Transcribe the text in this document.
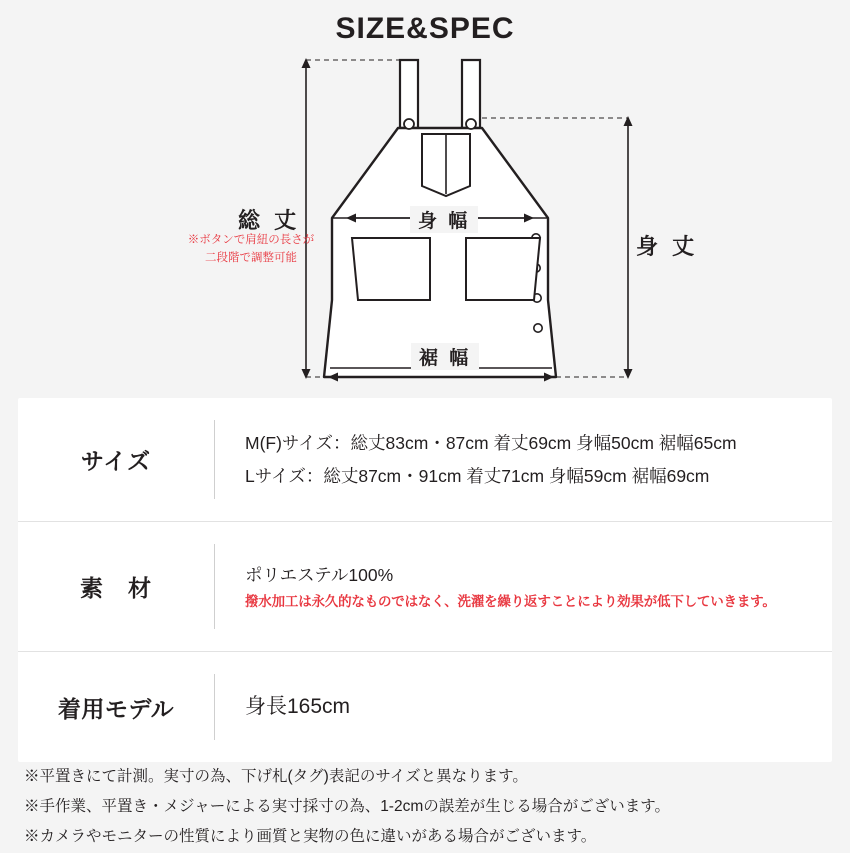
SIZE&SPEC
総 丈
※ボタンで肩紐の長さが
二段階で調整可能	身 丈
身 幅
裾 幅
サイズ
M(F)サイズ：総丈83cm・87cm 着丈69cm 身幅50cm 裾幅65cm
Lサイズ：総丈87cm・91cm 着丈71cm 身幅59cm 裾幅69cm
素　材
ポリエステル100%
撥水加工は永久的なものではなく、洗濯を繰り返すことにより効果が低下していきます。
着用モデル	身長165cm
※平置きにて計測。実寸の為、下げ札(タグ)表記のサイズと異なります。
※手作業、平置き・メジャーによる実寸採寸の為、1-2cmの誤差が生じる場合がございます。
※カメラやモニターの性質により画質と実物の色に違いがある場合がございます。
